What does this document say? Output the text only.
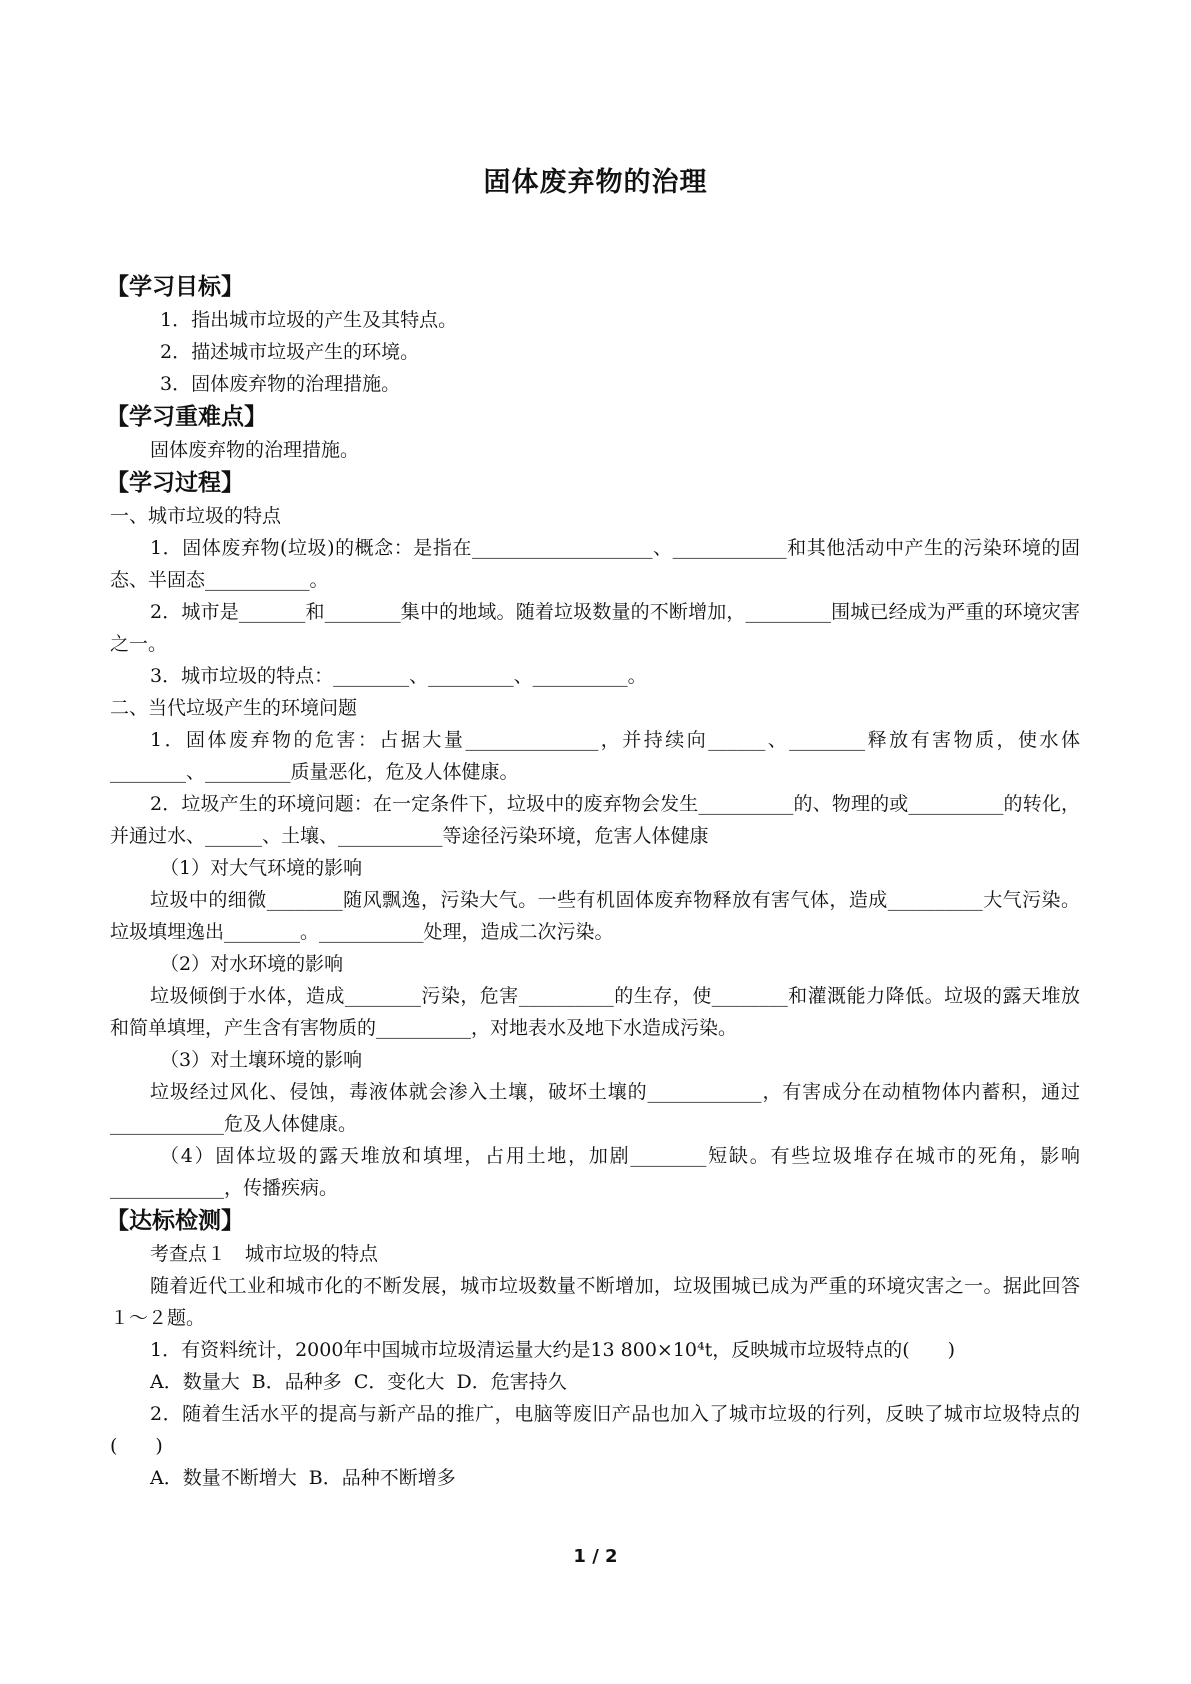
固体废弃物的治理
【学习目标】
1．指出城市垃圾的产生及其特点。
2．描述城市垃圾产生的环境。
3．固体废弃物的治理措施。
【学习重难点】
固体废弃物的治理措施。
【学习过程】
一、城市垃圾的特点
1．固体废弃物(垃圾)的概念：是指在___________________、____________和其他活动中产生的污染环境的固态、半固态___________。
2．城市是_______和________集中的地域。随着垃圾数量的不断增加，_________围城已经成为严重的环境灾害之一。
3．城市垃圾的特点：________、_________、__________。
二、当代垃圾产生的环境问题
1．固体废弃物的危害：占据大量______________，并持续向______、________释放有害物质，使水体________、_________质量恶化，危及人体健康。
2．垃圾产生的环境问题：在一定条件下，垃圾中的废弃物会发生__________的、物理的或__________的转化，并通过水、______、土壤、___________等途径污染环境，危害人体健康
（1）对大气环境的影响
垃圾中的细微________随风飘逸，污染大气。一些有机固体废弃物释放有害气体，造成__________大气污染。垃圾填埋逸出________。___________处理，造成二次污染。
（2）对水环境的影响
垃圾倾倒于水体，造成________污染，危害__________的生存，使________和灌溉能力降低。垃圾的露天堆放和简单填埋，产生含有害物质的__________，对地表水及地下水造成污染。
（3）对土壤环境的影响
垃圾经过风化、侵蚀，毒液体就会渗入土壤，破坏土壤的____________，有害成分在动植物体内蓄积，通过____________危及人体健康。
（4）固体垃圾的露天堆放和填埋，占用土地，加剧________短缺。有些垃圾堆存在城市的死角，影响____________，传播疾病。
【达标检测】
考查点１　城市垃圾的特点
随着近代工业和城市化的不断发展，城市垃圾数量不断增加，垃圾围城已成为严重的环境灾害之一。据此回答１～２题。
1．有资料统计，2000年中国城市垃圾清运量大约是13 800×10⁴t，反映城市垃圾特点的(　　)
A．数量大  B．品种多  C．变化大  D．危害持久
2．随着生活水平的提高与新产品的推广，电脑等废旧产品也加入了城市垃圾的行列，反映了城市垃圾特点的(　　)
A．数量不断增大  B．品种不断增多
1 / 2
